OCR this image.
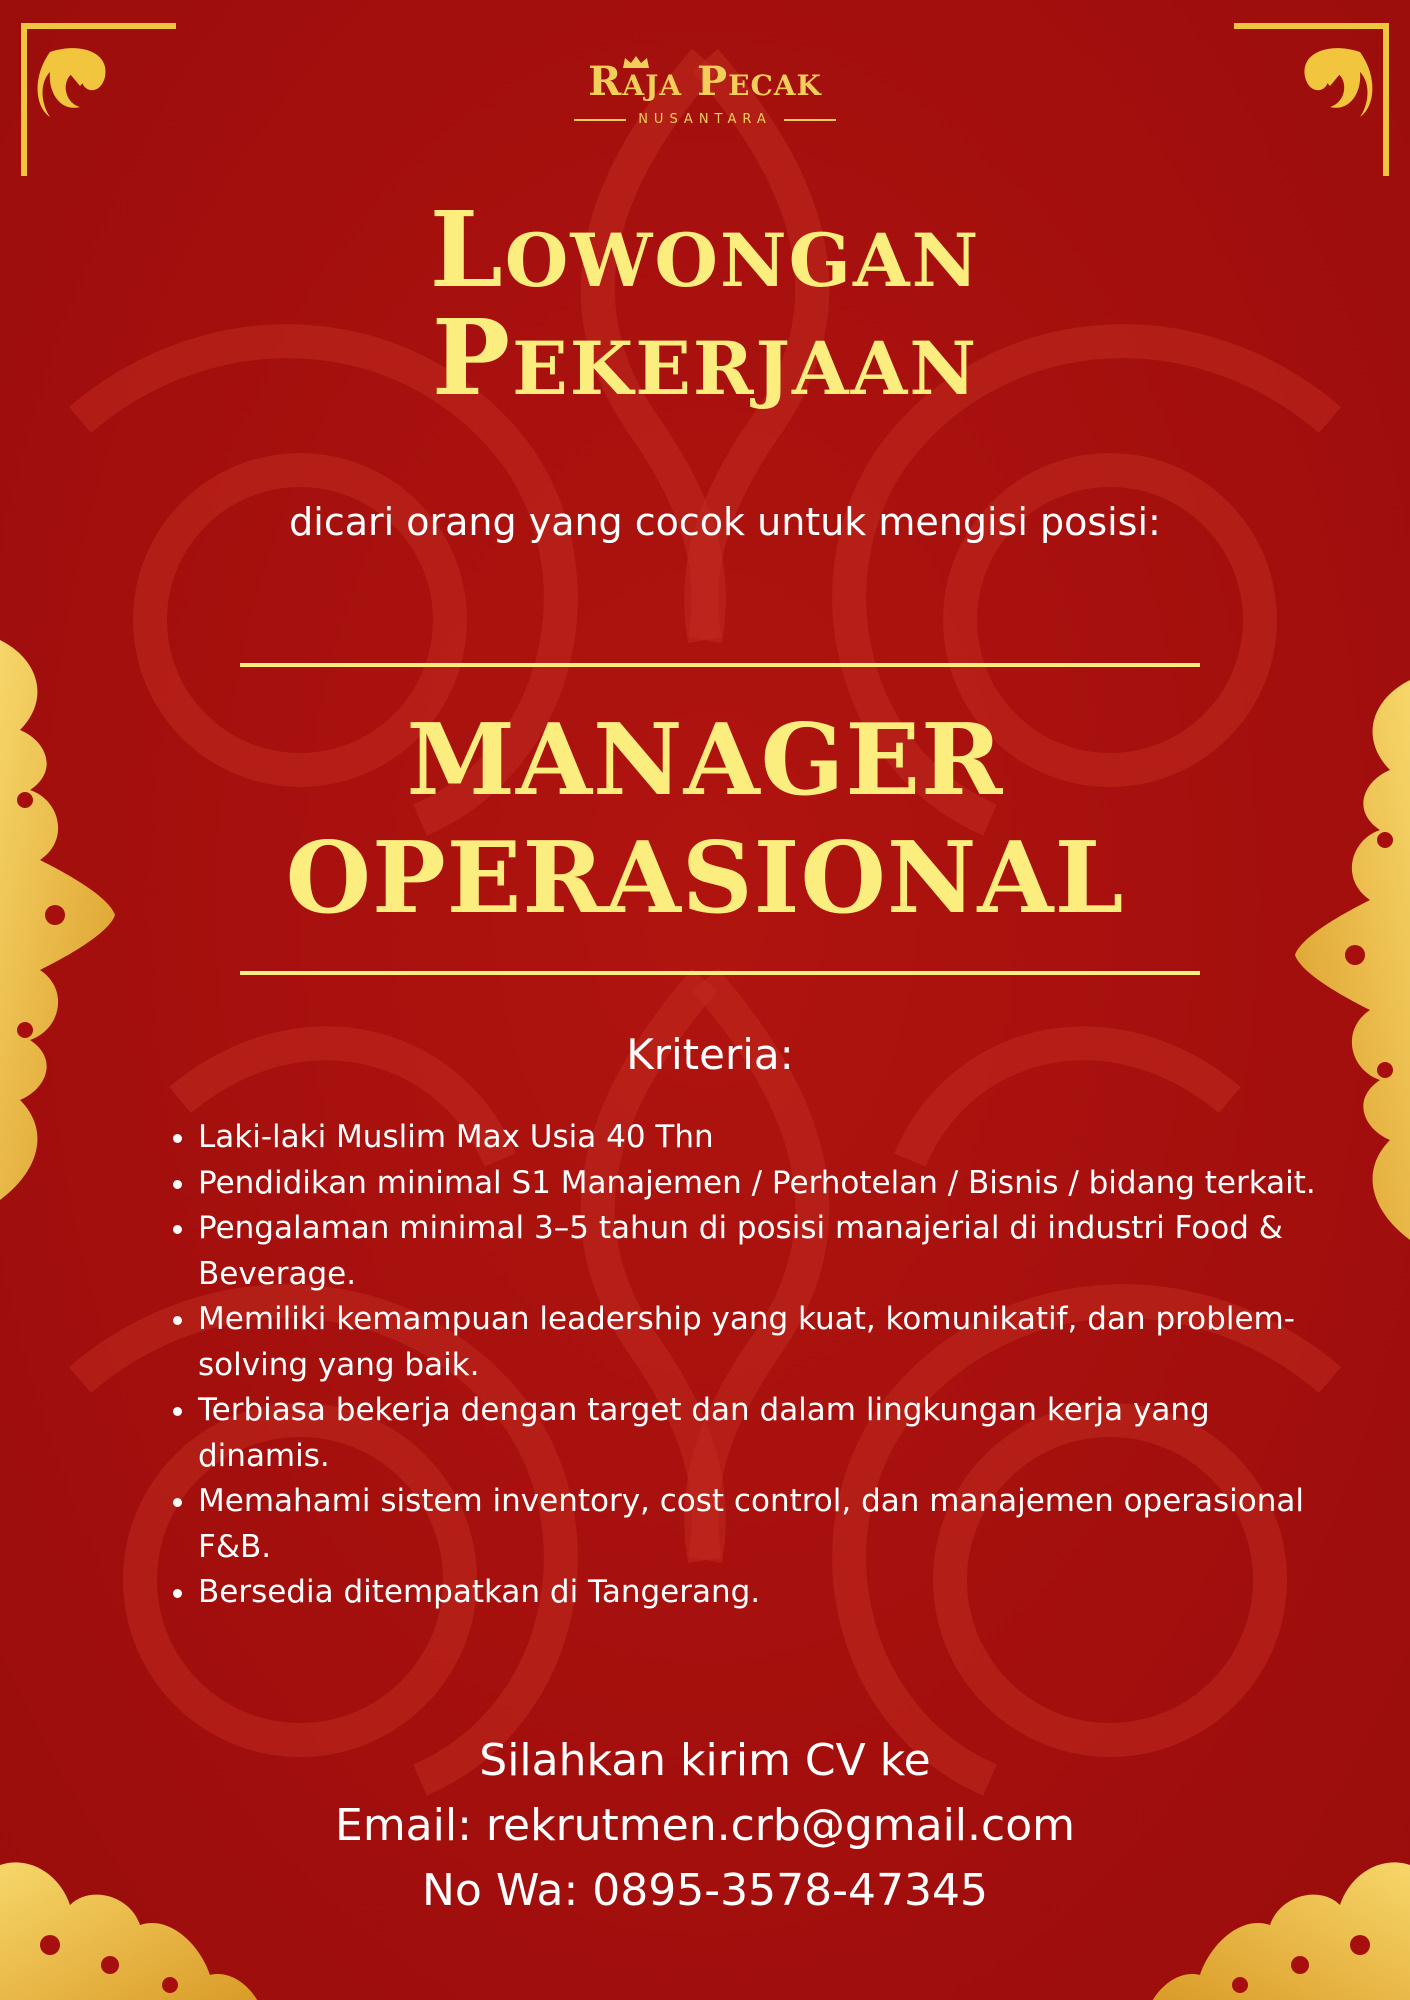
Raja Pecak
NUSANTARA
Lowongan
Pekerjaan
dicari orang yang cocok untuk mengisi posisi:
MANAGER
OPERASIONAL
Kriteria:
• Laki-laki Muslim Max Usia 40 Thn
• Pendidikan minimal S1 Manajemen / Perhotelan / Bisnis / bidang terkait.
• Pengalaman minimal 3–5 tahun di posisi manajerial di industri Food & Beverage.
• Memiliki kemampuan leadership yang kuat, komunikatif, dan problem-solving yang baik.
• Terbiasa bekerja dengan target dan dalam lingkungan kerja yang dinamis.
• Memahami sistem inventory, cost control, dan manajemen operasional F&B.
• Bersedia ditempatkan di Tangerang.
Silahkan kirim CV ke
Email: rekrutmen.crb@gmail.com
No Wa: 0895-3578-47345
